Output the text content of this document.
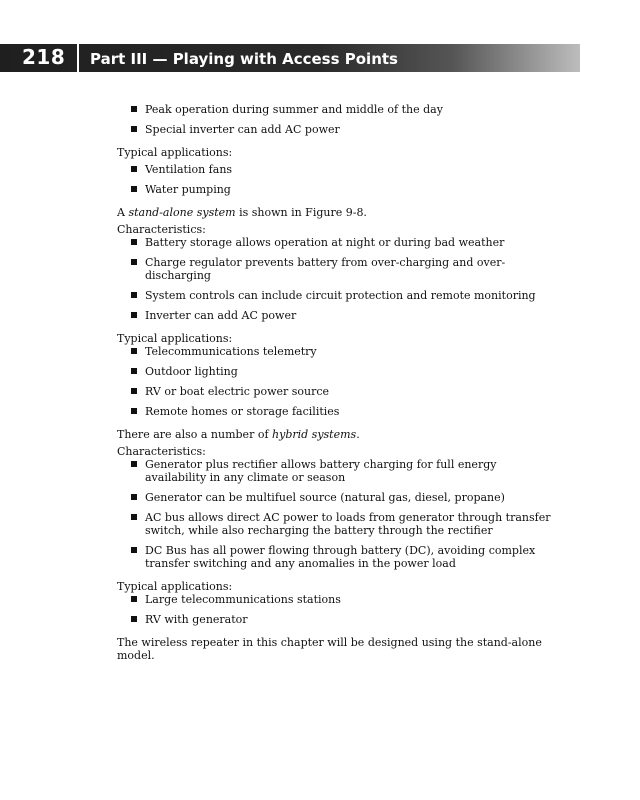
218 Part III — Playing with Access Points
Peak operation during summer and middle of the day
Special inverter can add AC power

Typical applications:

Ventilation fans
Water pumping

A stand-alone system is shown in Figure 9-8.

Characteristics:

Battery storage allows operation at night or during bad weather
Charge regulator prevents battery from over-charging and over-discharging
System controls can include circuit protection and remote monitoring
Inverter can add AC power

Typical applications:

Telecommunications telemetry
Outdoor lighting
RV or boat electric power source
Remote homes or storage facilities

There are also a number of hybrid systems.

Characteristics:

Generator plus rectifier allows battery charging for full energy availability in any climate or season
Generator can be multifuel source (natural gas, diesel, propane)
AC bus allows direct AC power to loads from generator through transfer switch, while also recharging the battery through the rectifier
DC Bus has all power flowing through battery (DC), avoiding complex transfer switching and any anomalies in the power load

Typical applications:

Large telecommunications stations
RV with generator

The wireless repeater in this chapter will be designed using the stand-alone model.
